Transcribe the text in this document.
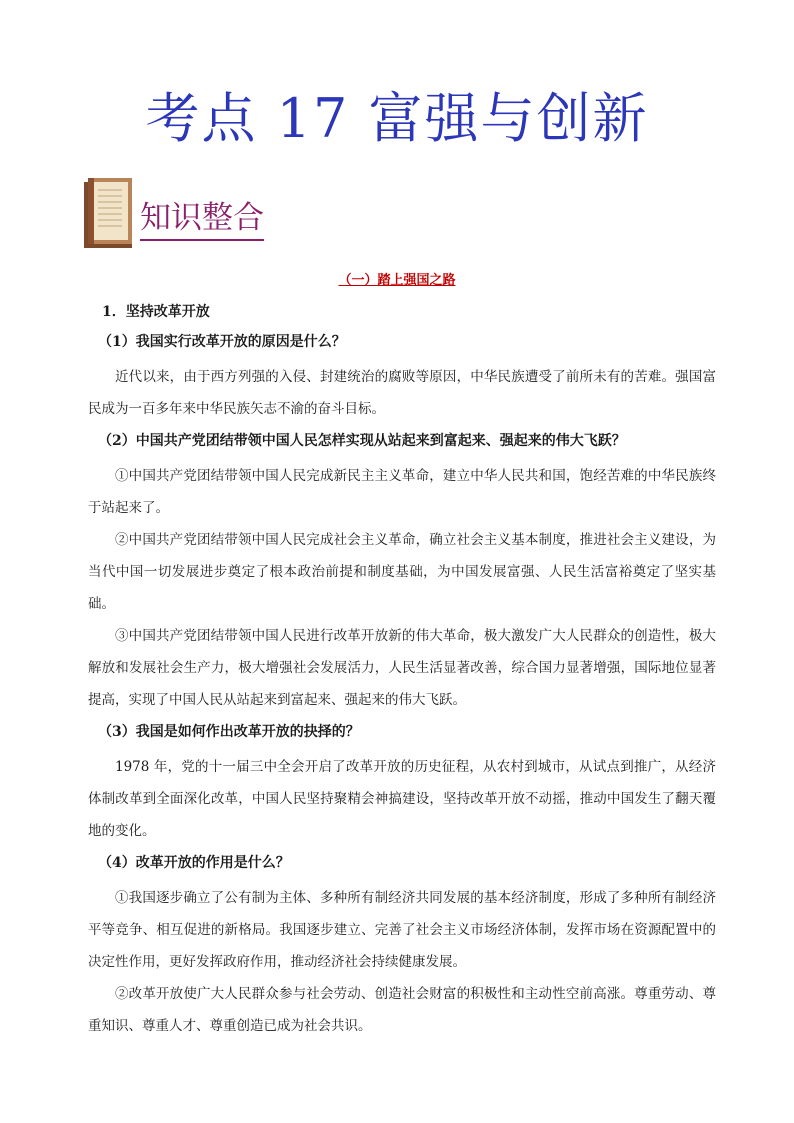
考点 17 富强与创新
知识整合
（一）踏上强国之路
1．坚持改革开放
（1）我国实行改革开放的原因是什么？
近代以来，由于西方列强的入侵、封建统治的腐败等原因，中华民族遭受了前所未有的苦难。强国富民成为一百多年来中华民族矢志不渝的奋斗目标。
（2）中国共产党团结带领中国人民怎样实现从站起来到富起来、强起来的伟大飞跃？
①中国共产党团结带领中国人民完成新民主主义革命，建立中华人民共和国，饱经苦难的中华民族终于站起来了。
②中国共产党团结带领中国人民完成社会主义革命，确立社会主义基本制度，推进社会主义建设，为当代中国一切发展进步奠定了根本政治前提和制度基础，为中国发展富强、人民生活富裕奠定了坚实基础。
③中国共产党团结带领中国人民进行改革开放新的伟大革命，极大激发广大人民群众的创造性，极大解放和发展社会生产力，极大增强社会发展活力，人民生活显著改善，综合国力显著增强，国际地位显著提高，实现了中国人民从站起来到富起来、强起来的伟大飞跃。
（3）我国是如何作出改革开放的抉择的？
1978 年，党的十一届三中全会开启了改革开放的历史征程，从农村到城市，从试点到推广，从经济体制改革到全面深化改革，中国人民坚持聚精会神搞建设，坚持改革开放不动摇，推动中国发生了翻天覆地的变化。
（4）改革开放的作用是什么？
①我国逐步确立了公有制为主体、多种所有制经济共同发展的基本经济制度，形成了多种所有制经济平等竞争、相互促进的新格局。我国逐步建立、完善了社会主义市场经济体制，发挥市场在资源配置中的决定性作用，更好发挥政府作用，推动经济社会持续健康发展。
②改革开放使广大人民群众参与社会劳动、创造社会财富的积极性和主动性空前高涨。尊重劳动、尊重知识、尊重人才、尊重创造已成为社会共识。
